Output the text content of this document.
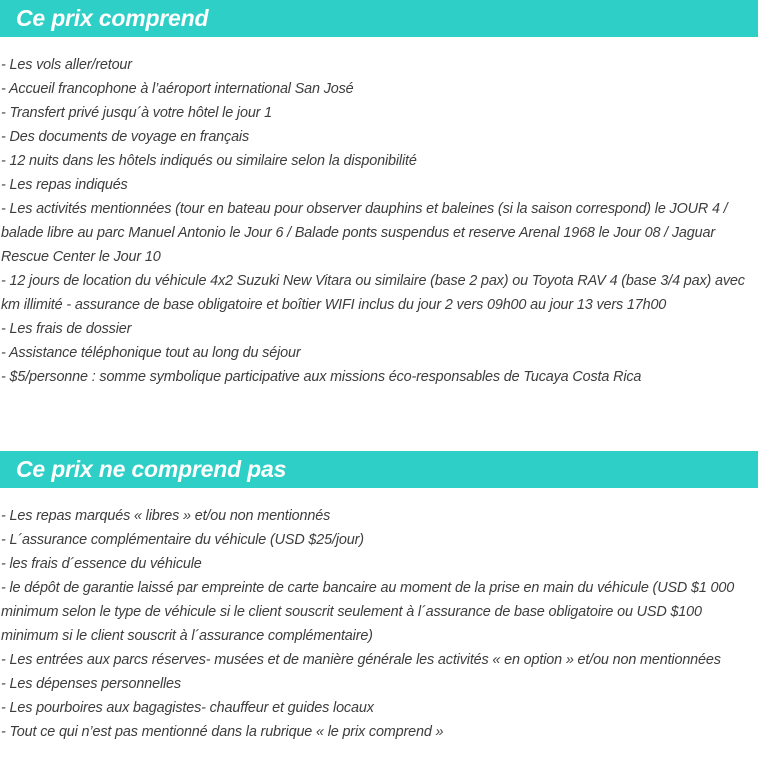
Ce prix comprend
- Les vols aller/retour
- Accueil francophone à l’aéroport international San José
- Transfert privé jusqu´à votre hôtel le jour 1
- Des documents de voyage en français
- 12 nuits dans les hôtels indiqués ou similaire selon la disponibilité
- Les repas indiqués
- Les activités mentionnées (tour en bateau pour observer dauphins et baleines (si la saison correspond) le JOUR 4 / balade libre au parc Manuel Antonio le Jour 6 / Balade ponts suspendus et reserve Arenal 1968 le Jour 08 / Jaguar Rescue Center le Jour 10
- 12 jours de location du véhicule 4x2 Suzuki New Vitara ou similaire (base 2 pax) ou Toyota RAV 4 (base 3/4 pax) avec km illimité - assurance de base obligatoire et boîtier WIFI inclus du jour 2 vers 09h00 au jour 13 vers 17h00
- Les frais de dossier
- Assistance téléphonique tout au long du séjour
- $5/personne : somme symbolique participative aux missions éco-responsables de Tucaya Costa Rica
Ce prix ne comprend pas
- Les repas marqués « libres » et/ou non mentionnés
- L´assurance complémentaire du véhicule (USD $25/jour)
- les frais d´essence du véhicule
- le dépôt de garantie laissé par empreinte de carte bancaire au moment de la prise en main du véhicule (USD $1 000 minimum selon le type de véhicule si le client souscrit seulement à l´assurance de base obligatoire ou USD $100 minimum si le client souscrit à l´assurance complémentaire)
- Les entrées aux parcs réserves- musées et de manière générale les activités « en option » et/ou non mentionnées
- Les dépenses personnelles
- Les pourboires aux bagagistes- chauffeur et guides locaux
- Tout ce qui n’est pas mentionné dans la rubrique « le prix comprend »
